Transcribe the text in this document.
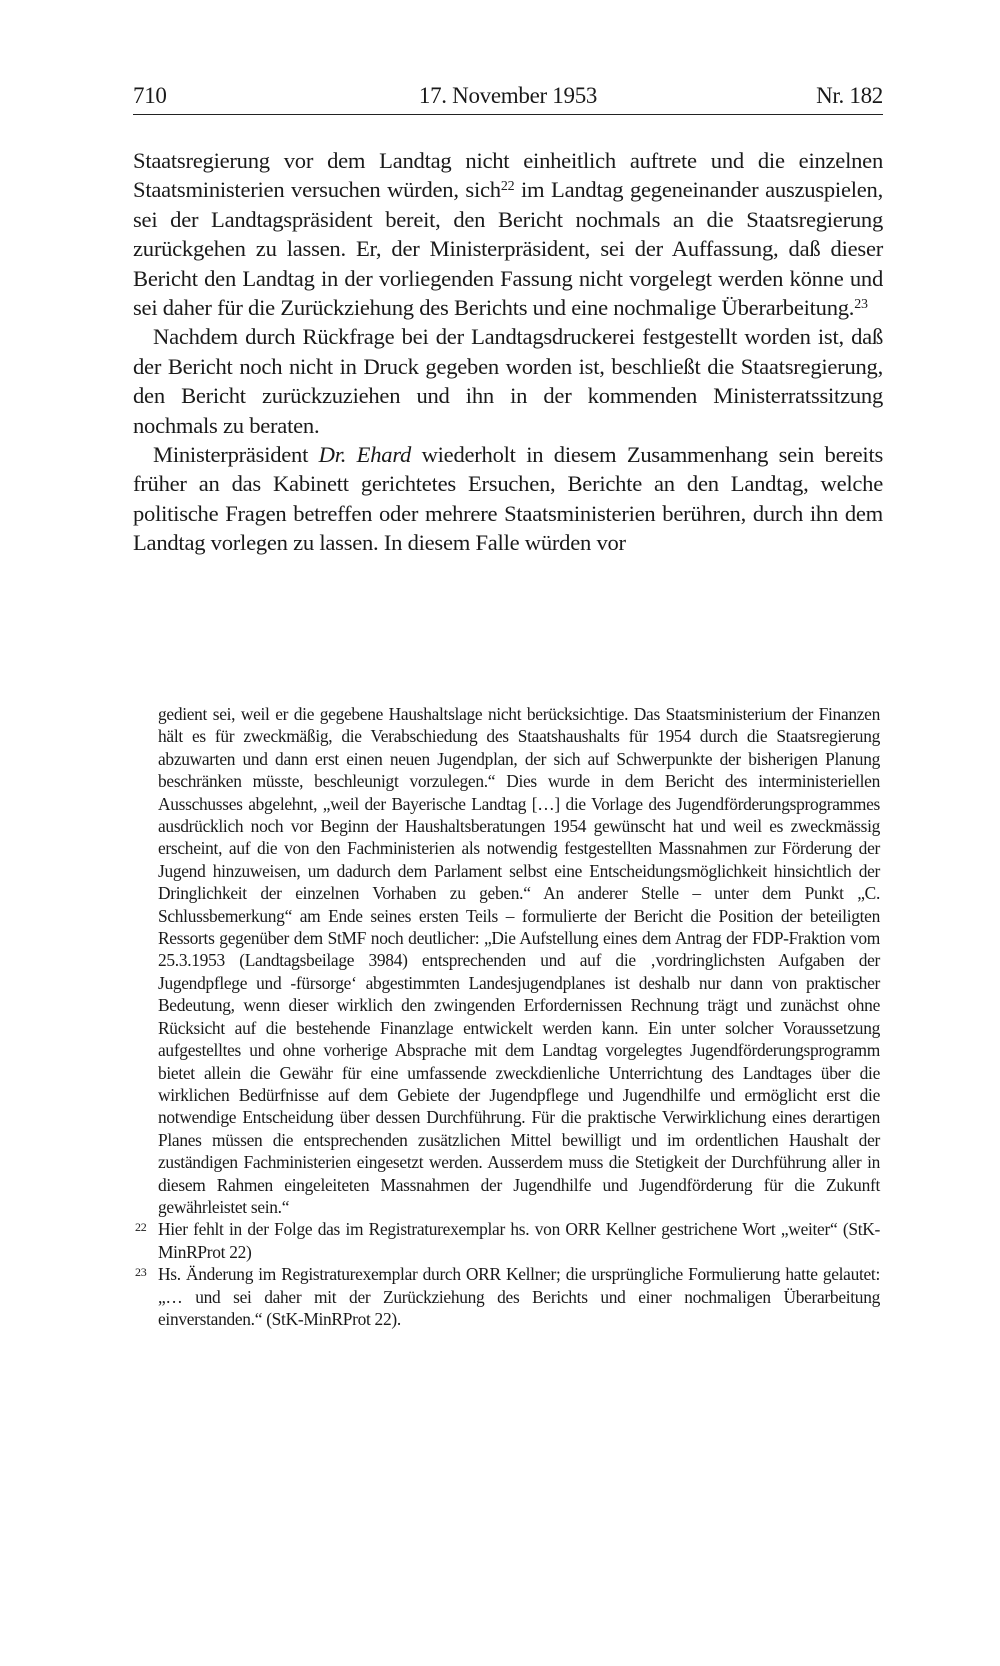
710	17. November 1953	Nr. 182

Staatsregierung vor dem Landtag nicht einheitlich auftrete und die einzelnen Staatsministerien versuchen würden, sich$^{22}$ im Landtag gegeneinander auszuspielen, sei der Landtagspräsident bereit, den Bericht nochmals an die Staatsregierung zurückgehen zu lassen. Er, der Ministerpräsident, sei der Auffassung, daß dieser Bericht den Landtag in der vorliegenden Fassung nicht vorgelegt werden könne und sei daher für die Zurückziehung des Berichts und eine nochmalige Überarbeitung.$^{23}$

Nachdem durch Rückfrage bei der Landtagsdruckerei festgestellt worden ist, daß der Bericht noch nicht in Druck gegeben worden ist, beschließt die Staatsregierung, den Bericht zurückzuziehen und ihn in der kommenden Ministerratssitzung nochmals zu beraten.

Ministerpräsident Dr. Ehard wiederholt in diesem Zusammenhang sein bereits früher an das Kabinett gerichtetes Ersuchen, Berichte an den Landtag, welche politische Fragen betreffen oder mehrere Staatsministerien berühren, durch ihn dem Landtag vorlegen zu lassen. In diesem Falle würden vor

gedient sei, weil er die gegebene Haushaltslage nicht berücksichtige. Das Staatsministerium der Finanzen hält es für zweckmäßig, die Verabschiedung des Staatshaushalts für 1954 durch die Staatsregierung abzuwarten und dann erst einen neuen Jugendplan, der sich auf Schwerpunkte der bisherigen Planung beschränken müsste, beschleunigt vorzulegen.“ Dies wurde in dem Bericht des interministeriellen Ausschusses abgelehnt, „weil der Bayerische Landtag […] die Vorlage des Jugendförderungsprogrammes ausdrücklich noch vor Beginn der Haushaltsberatungen 1954 gewünscht hat und weil es zweckmässig erscheint, auf die von den Fachministerien als notwendig festgestellten Massnahmen zur Förderung der Jugend hinzuweisen, um dadurch dem Parlament selbst eine Entscheidungsmöglichkeit hinsichtlich der Dringlichkeit der einzelnen Vorhaben zu geben.“ An anderer Stelle – unter dem Punkt „C. Schlussbemerkung“ am Ende seines ersten Teils – formulierte der Bericht die Position der beteiligten Ressorts gegenüber dem StMF noch deutlicher: „Die Aufstellung eines dem Antrag der FDP-Fraktion vom 25.3.1953 (Landtagsbeilage 3984) entsprechenden und auf die ‚vordringlichsten Aufgaben der Jugendpflege und -fürsorge‘ abgestimmten Landesjugendplanes ist deshalb nur dann von praktischer Bedeutung, wenn dieser wirklich den zwingenden Erfordernissen Rechnung trägt und zunächst ohne Rücksicht auf die bestehende Finanzlage entwickelt werden kann. Ein unter solcher Voraussetzung aufgestelltes und ohne vorherige Absprache mit dem Landtag vorgelegtes Jugendförderungsprogramm bietet allein die Gewähr für eine umfassende zweckdienliche Unterrichtung des Landtages über die wirklichen Bedürfnisse auf dem Gebiete der Jugendpflege und Jugendhilfe und ermöglicht erst die notwendige Entscheidung über dessen Durchführung. Für die praktische Verwirklichung eines derartigen Planes müssen die entsprechenden zusätzlichen Mittel bewilligt und im ordentlichen Haushalt der zuständigen Fachministerien eingesetzt werden. Ausserdem muss die Stetigkeit der Durchführung aller in diesem Rahmen eingeleiteten Massnahmen der Jugendhilfe und Jugendförderung für die Zukunft gewährleistet sein.“

22 Hier fehlt in der Folge das im Registraturexemplar hs. von ORR Kellner gestrichene Wort „weiter“ (StK-MinRProt 22)

23 Hs. Änderung im Registraturexemplar durch ORR Kellner; die ursprüngliche Formulierung hatte gelautet: „… und sei daher mit der Zurückziehung des Berichts und einer nochmaligen Überarbeitung einverstanden.“ (StK-MinRProt 22).
